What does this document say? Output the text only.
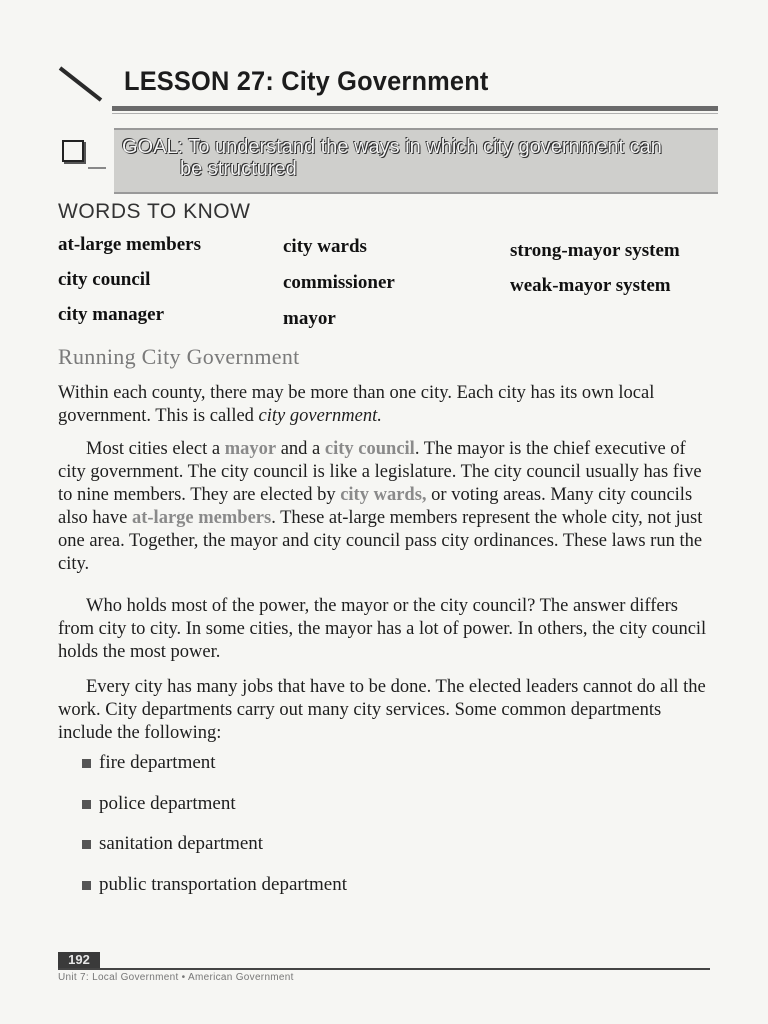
LESSON 27: City Government
GOAL: To understand the ways in which city government can
be structured
WORDS TO KNOW
at-large members
city council
city manager
city wards
commissioner
mayor
strong-mayor system
weak-mayor system
Running City Government

Within each county, there may be more than one city. Each city has its own local government. This is called city government.

Most cities elect a mayor and a city council. The mayor is the chief executive of city government. The city council is like a legislature. The city council usually has five to nine members. They are elected by city wards, or voting areas. Many city councils also have at-large members. These at-large members represent the whole city, not just one area. Together, the mayor and city council pass city ordinances. These laws run the city.

Who holds most of the power, the mayor or the city council? The answer differs from city to city. In some cities, the mayor has a lot of power. In others, the city council holds the most power.

Every city has many jobs that have to be done. The elected leaders cannot do all the work. City departments carry out many city services. Some common departments include the following:

fire department
police department
sanitation department
public transportation department
192
Unit 7: Local Government • American Government
